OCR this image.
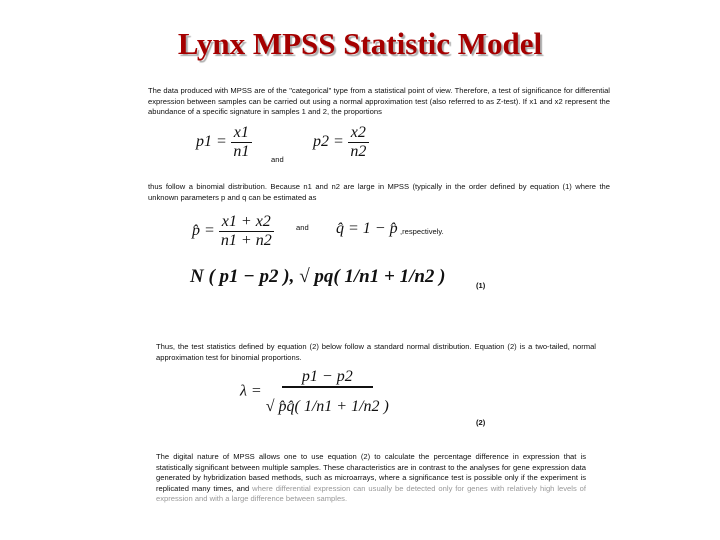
Lynx MPSS Statistic Model
The data produced with MPSS are of the "categorical" type from a statistical point of view. Therefore, a test of significance for differential expression between samples can be carried out using a normal approximation test (also referred to as Z-test). If x1 and x2 represent the abundance of a specific signature in samples 1 and 2, the proportions
$p1 = \frac{x1}{n1}$	and
$p2 = \frac{x2}{n2}$
thus follow a binomial distribution. Because n1 and n2 are large in MPSS (typically in the order defined by equation (1) where the unknown parameters p and q can be estimated as
p̂ = $\frac{x1 + x2}{n1 + n2}$	and q̂ = 1 − p̂ ,respectively.
N ( p1 − p2 ), √ pq( 1/n1 + 1/n2 )	(1)
Thus, the test statistics defined by equation (2) below follow a standard normal distribution. Equation (2) is a two-tailed, normal approximation test for binomial proportions.
$\lambda = \frac{p1 - p2}{√ p̂q̂( 1/n1 + 1/n2 )}$
(2)
The digital nature of MPSS allows one to use equation (2) to calculate the percentage difference in expression that is statistically significant between multiple samples. These characteristics are in contrast to the analyses for gene expression data generated by hybridization based methods, such as microarrays, where a significance test is possible only if the experiment is replicated many times, and where differential expression can usually be detected only for genes with relatively high levels of expression and with a large difference between samples.
